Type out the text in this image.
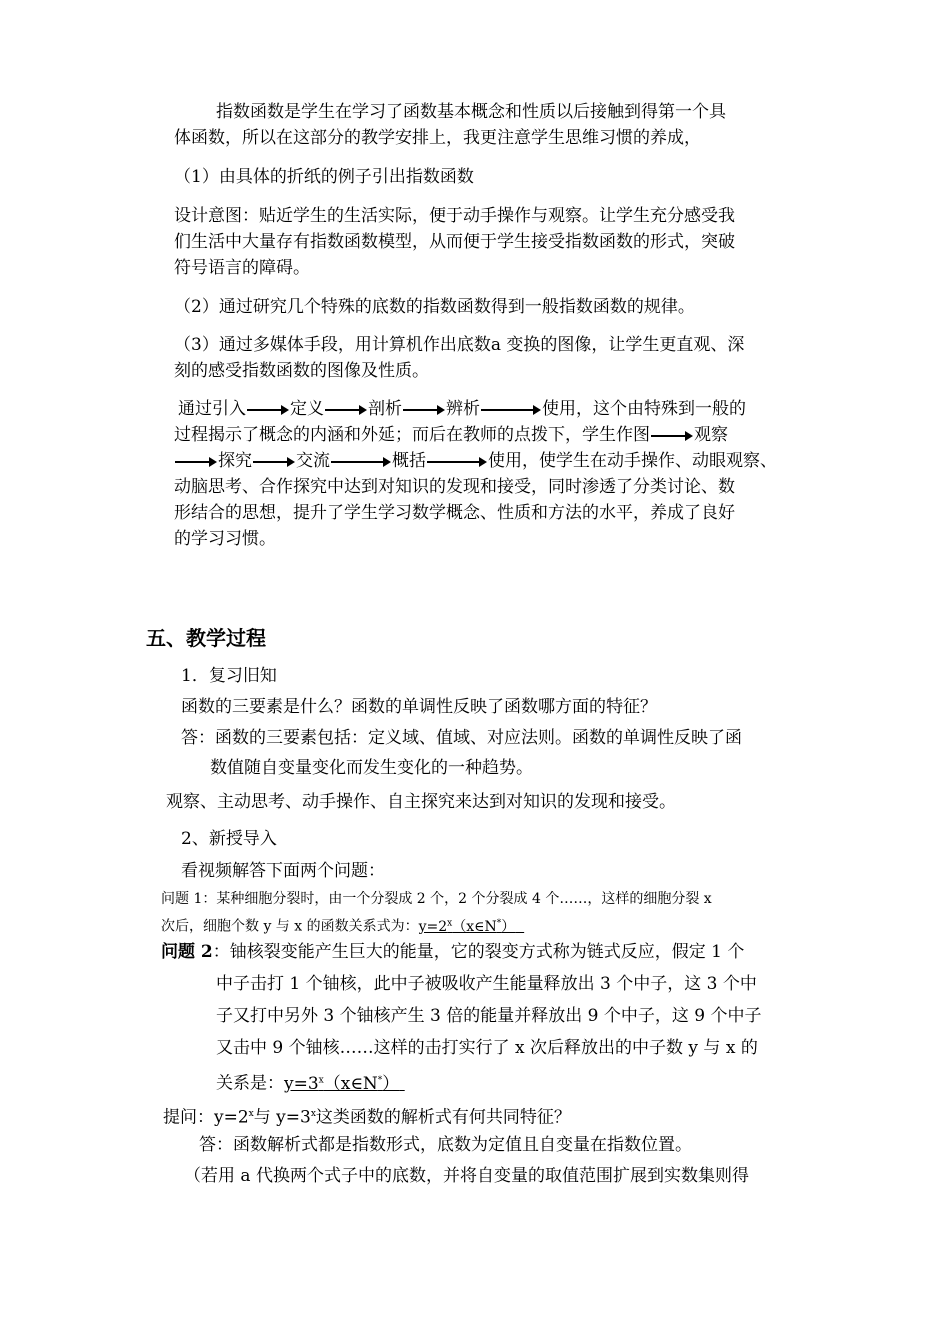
指数函数是学生在学习了函数基本概念和性质以后接触到得第一个具
体函数，所以在这部分的教学安排上，我更注意学生思维习惯的养成，
（1）由具体的折纸的例子引出指数函数
设计意图：贴近学生的生活实际，便于动手操作与观察。让学生充分感受我
们生活中大量存有指数函数模型，从而便于学生接受指数函数的形式，突破
符号语言的障碍。
（2）通过研究几个特殊的底数的指数函数得到一般指数函数的规律。
（3）通过多媒体手段，用计算机作出底数a 变换的图像，让学生更直观、深
刻的感受指数函数的图像及性质。
通过引入	定义	剖析	辨析	使用，这个由特殊到一般的
过程揭示了概念的内涵和外延；而后在教师的点拨下，学生作图	观察
探究	交流	概括	使用，使学生在动手操作、动眼观察、
动脑思考、合作探究中达到对知识的发现和接受，同时渗透了分类讨论、数
形结合的思想，提升了学生学习数学概念、性质和方法的水平，养成了良好
的学习习惯。
五、教学过程
1．复习旧知
函数的三要素是什么？函数的单调性反映了函数哪方面的特征？
答：函数的三要素包括：定义域、值域、对应法则。函数的单调性反映了函
数值随自变量变化而发生变化的一种趋势。
观察、主动思考、动手操作、自主探究来达到对知识的发现和接受。
2、新授导入
看视频解答下面两个问题：
问题 1：某种细胞分裂时，由一个分裂成 2 个，2 个分裂成 4 个……，这样的细胞分裂 x
次后，细胞个数 y 与 x 的函数关系式为：$y=2^x(x\in N^*)$
问题 2：铀核裂变能产生巨大的能量，它的裂变方式称为链式反应，假定 1 个
中子击打 1 个铀核，此中子被吸收产生能量释放出 3 个中子，这 3 个中
子又打中另外 3 个铀核产生 3 倍的能量并释放出 9 个中子，这 9 个中子
又击中 9 个铀核……这样的击打实行了 x 次后释放出的中子数 y 与 x 的
关系是：$y=3^x(x\in N^*)$
提问：$y=2^x$与 $y=3^x$这类函数的解析式有何共同特征？
答：函数解析式都是指数形式，底数为定值且自变量在指数位置。
（若用 a 代换两个式子中的底数，并将自变量的取值范围扩展到实数集则得
